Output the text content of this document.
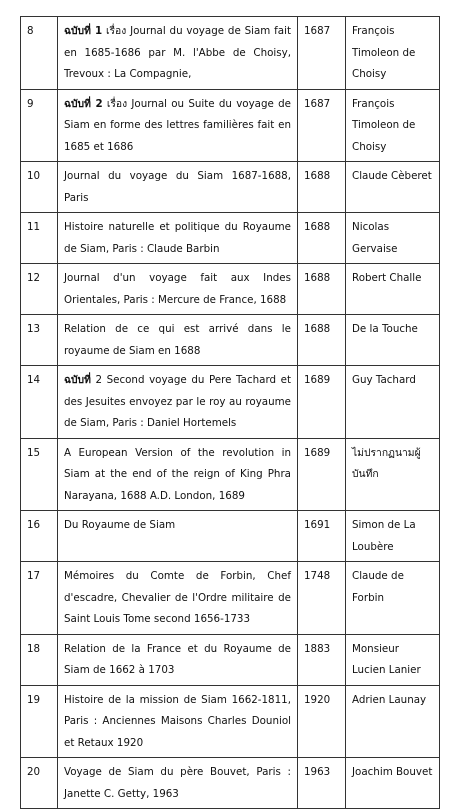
8	ฉบับที่ 1 เรื่อง Journal du voyage de Siam fait en 1685-1686 par M. l'Abbe de Choisy, Trevoux : La Compagnie,	1687	François Timoleon de Choisy
9	ฉบับที่ 2 เรื่อง Journal ou Suite du voyage de Siam en forme des lettres familières fait en 1685 et 1686	1687	François Timoleon de Choisy
10	Journal du voyage du Siam 1687-1688, Paris	1688	Claude Cèberet
11	Histoire naturelle et politique du Royaume de Siam, Paris : Claude Barbin	1688	Nicolas Gervaise
12	Journal d'un voyage fait aux Indes Orientales, Paris : Mercure de France, 1688	1688	Robert Challe
13	Relation de ce qui est arrivé dans le royaume de Siam en 1688	1688	De la Touche
14	ฉบับที่ 2 Second voyage du Pere Tachard et des Jesuites envoyez par le roy au royaume de Siam, Paris : Daniel Hortemels	1689	Guy Tachard
15	A European Version of the revolution in Siam at the end of the reign of King Phra Narayana, 1688 A.D. London, 1689	1689	ไม่ปรากฏนามผู้บันทึก
16	Du Royaume de Siam	1691	Simon de La Loubère
17	Mémoires du Comte de Forbin, Chef d'escadre, Chevalier de l'Ordre militaire de Saint Louis Tome second 1656-1733	1748	Claude de Forbin
18	Relation de la France et du Royaume de Siam de 1662 à 1703	1883	Monsieur Lucien Lanier
19	Histoire de la mission de Siam 1662-1811, Paris : Anciennes Maisons Charles Douniol et Retaux 1920	1920	Adrien Launay
20	Voyage de Siam du père Bouvet, Paris : Janette C. Getty, 1963	1963	Joachim Bouvet
